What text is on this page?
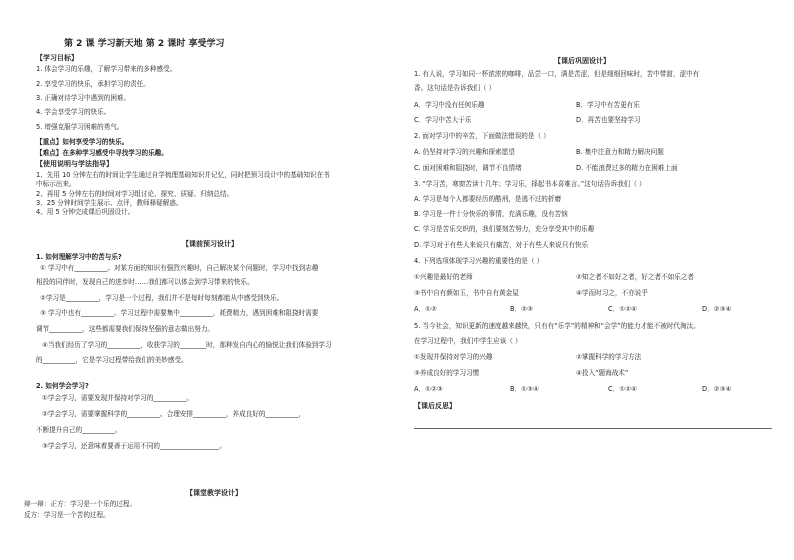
第 2 课 学习新天地 第 2 课时 享受学习
【学习目标】
1. 体会学习的乐趣，了解学习带来的多种感受。
2. 享受学习的快乐，承担学习的责任。
3. 正确对待学习中遇到的困难。
4. 学会享受学习的快乐。
5. 增强克服学习困难的勇气。
【重点】如何享受学习的快乐。
【难点】在多种学习感受中寻找学习的乐趣。
【使用说明与学法指导】
1、先用 10 分钟左右的时间让学生通过自学梳理基础知识并记忆，同时把预习设计中的基础知识在书
中标示出来。
2、再用 5 分钟左右的时间对学习组讨论、探究、质疑、归纳总结。
3、25 分钟时间学生展示、点评，教师释疑解惑。
4、用 5 分钟完成课后巩固设计。
【课前预习设计】
1. 如何理解学习中的苦与乐?
① 学习中有__________。对某方面的知识有强烈兴趣时，自己解决某个问题时，学习中找到志趣
相投的同伴时，发现自己的进步时……我们都可以体会到学习带来的快乐。
②学习是__________，学习是一个过程，我们并不是每时每刻都能从中感受到快乐。
③ 学习中也有__________。学习过程中需要集中__________，耗费精力，遇到困难和阻挠时需要
调节__________，这些都需要我们保持坚强的意志做出努力。
④当我们经历了学习的__________，收获学习的________时，那种发自内心的愉悦让我们体验到学习
的__________，它是学习过程带给我们的美妙感受。
2. 如何学会学习?
①学会学习，需要发现并保持对学习的__________。
②学会学习，需要掌握科学的__________。合理安排__________，养成良好的__________，
不断提升自己的__________。
③学会学习，还意味着要善于运用不同的__________________。
【课堂教学设计】
辩一辩：正方：学习是一个乐的过程。
反方：学习是一个苦的过程。
【课后巩固设计】
1. 有人说，学习如同一杯浓浓的咖啡，品尝一口，满是苦涩，但是细细回味时，苦中带甜，涩中有
香。这句话是告诉我们（ ）
A．学习中没有任何乐趣	B．学习中有苦更有乐
C．学习中苦大于乐	D．再苦也要坚持学习
2. 面对学习中的辛苦，下面做法错误的是（ ）
A. 仍坚持对学习的兴趣和探索愿望	B. 集中注意力和精力解决问题
C. 面对困难和阻挠时，调节不良情绪	D. 不能浪费过多的精力在困难上面
3. “学习苦，寒窗苦读十几年；学习乐，择起书本喜难言。”这句话告诉我们（ ）
A. 学习是每个人都要经历的酷刑，是逃不过的折磨
B. 学习是一件十分快乐的事情，充满乐趣，没有苦恼
C. 学习是苦乐交织的，我们要刻苦努力，充分享受其中的乐趣
D. 学习对于有些人来说只有痛苦，对于有些人来说只有快乐
4. 下列选项体现学习兴趣的重要性的是（ ）
①兴趣是最好的老师	②知之者不如好之者，好之者不如乐之者
③书中自有颜如玉，书中自有黄金屋	④学而时习之，不亦说乎
A．①②	B．②③	C．①②④	D．②③④
5. 当今社会，知识更新的速度越来越快，只有有“乐学”的精神和“会学”的能力才能不被时代淘汰。
在学习过程中，我们中学生应该（ ）
①发现并保持对学习的兴趣	②掌握科学的学习方法
③养成良好的学习习惯	④投入“题海战术”
A．①②③	B．①③④	C．①②④	D．②③④
【课后反思】
